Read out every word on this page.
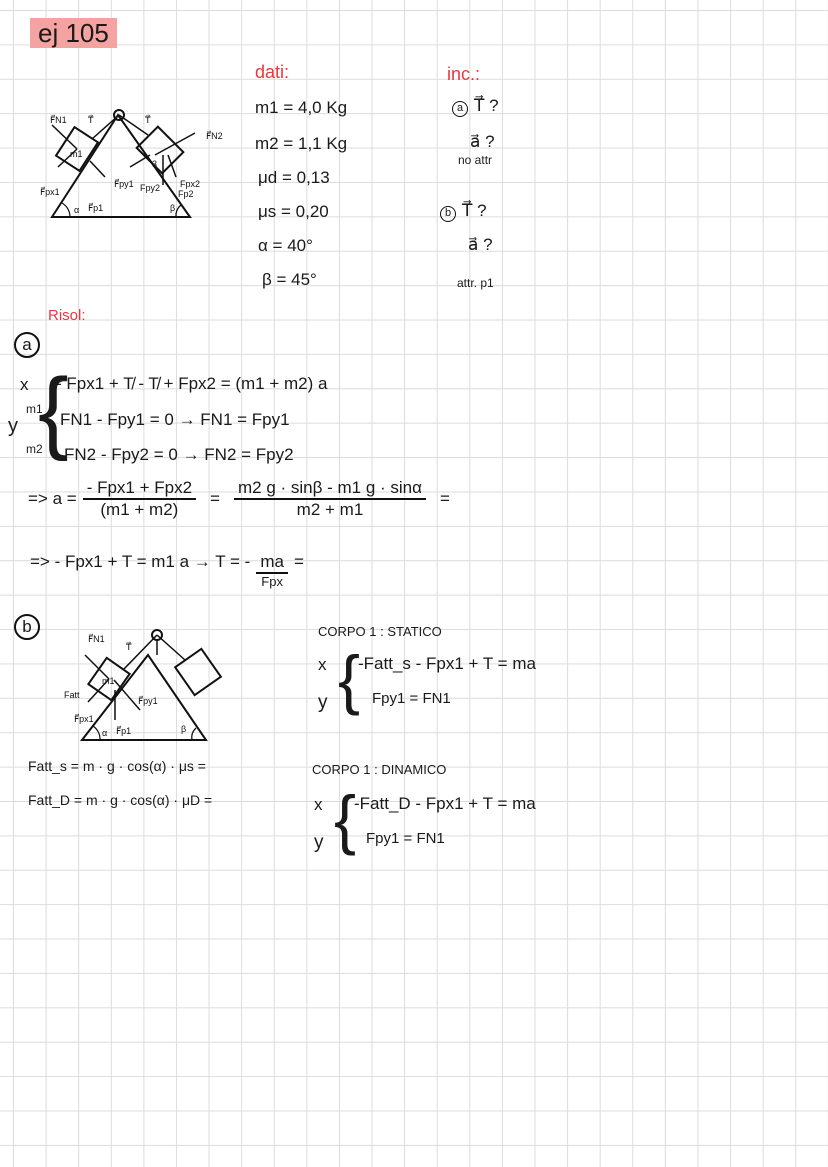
ej 105
dati:
m1 = 4,0 Kg
m2 = 1,1 Kg
μd = 0,13
μs = 0,20
α = 40°
β = 45°
inc.:
a T⃗ ?
a⃗ ?
no attr
b T⃗ ?
a⃗ ?
attr. p1
F⃗N1 T⃗	T⃗
F⃗N2
m1
3
F⃗px1
F⃗py1 Fpy2
F⃗p1
Fpx2
Fp2
α	β
Risol:
a
x
y
m1
m2
{
- Fpx1 + T̸ - T̸ + Fpx2 = (m1 + m2) a
FN1 - Fpy1 = 0 → FN1 = Fpy1
FN2 - Fpy2 = 0 → FN2 = Fpy2
=> $a = \frac{\text{- Fpx1 + Fpx2}}{(m1 + m2)} = \frac{m2 g \cdot \sin\beta - m1 g \cdot \sin\alpha}{m2 + m1}$ =
=> - Fpx1 + T = m1 a → T = - $\frac{ma}{\text{Fpx}}$ =
b
F⃗N1
T⃗
m1
Fatt
F⃗px1
F⃗py1
F⃗p1
α	β
Fatt_s = m · g · cos(α) · μs =
Fatt_D = m · g · cos(α) · μD =
CORPO 1 : STATICO
x
y {
-Fatt_s - Fpx1 + T = ma
Fpy1 = FN1
CORPO 1 : DINAMICO
x
y {
-Fatt_D - Fpx1 + T = ma
Fpy1 = FN1
